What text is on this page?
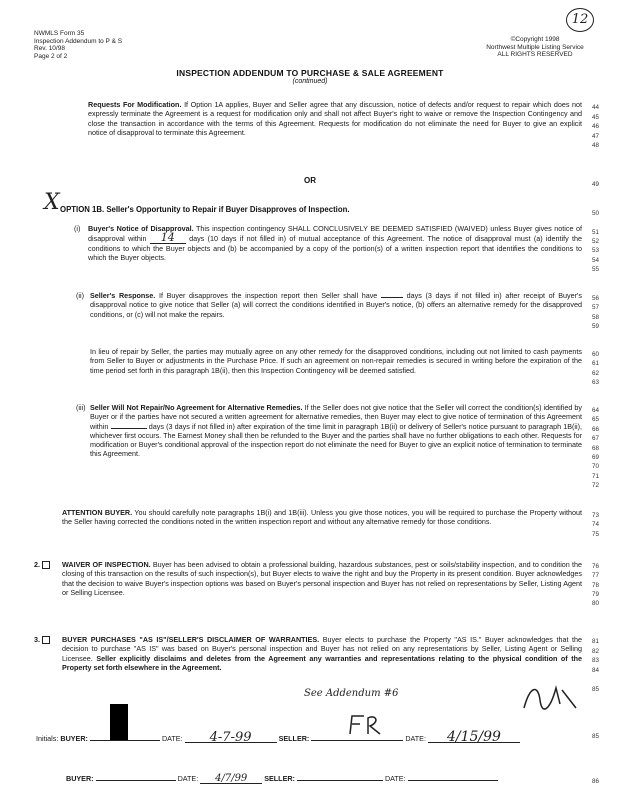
NWMLS Form 35
Inspection Addendum to P & S
Rev. 10/98
Page 2 of 2
©Copyright 1998
Northwest Multiple Listing Service
ALL RIGHTS RESERVED
12
INSPECTION ADDENDUM TO PURCHASE & SALE AGREEMENT
(continued)
Requests For Modification. If Option 1A applies, Buyer and Seller agree that any discussion, notice of defects and/or request to repair which does not expressly terminate the Agreement is a request for modification only and shall not affect Buyer's right to waive or remove the Inspection Contingency and close the transaction in accordance with the terms of this Agreement. Requests for modification do not eliminate the need for Buyer to give an explicit notice of disapproval to terminate this Agreement.
OR
X OPTION 1B. Seller's Opportunity to Repair if Buyer Disapproves of Inspection.
(i)	Buyer's Notice of Disapproval. This inspection contingency SHALL CONCLUSIVELY BE DEEMED SATISFIED (WAIVED) unless Buyer gives notice of disapproval within 14 days (10 days if not filled in) of mutual acceptance of this Agreement. The notice of disapproval must (a) identify the conditions to which the Buyer objects and (b) be accompanied by a copy of the portion(s) of a written inspection report that identifies the conditions to which the Buyer objects.
(ii) Seller's Response. If Buyer disapproves the inspection report then Seller shall have	days (3 days if not filled in) after receipt of Buyer's disapproval notice to give notice that Seller (a) will correct the conditions identified in Buyer's notice, (b) offers an alternative remedy for the disapproved conditions, or (c) will not make the repairs.
In lieu of repair by Seller, the parties may mutually agree on any other remedy for the disapproved conditions, including out not limited to cash payments from Seller to Buyer or adjustments in the Purchase Price. If such an agreement on non-repair remedies is secured in writing before the expiration of the time period set forth in this paragraph 1B(ii), then this Inspection Contingency will be deemed satisfied.
(iii) Seller Will Not Repair/No Agreement for Alternative Remedies. If the Seller does not give notice that the Seller will correct the condition(s) identified by Buyer or if the parties have not secured a written agreement for alternative remedies, then Buyer may elect to give notice of termination of this Agreement within	days (3 days if not filled in) after expiration of the time limit in paragraph 1B(ii) or delivery of Seller's notice pursuant to paragraph 1B(ii), whichever first occurs. The Earnest Money shall then be refunded to the Buyer and the parties shall have no further obligations to each other. Requests for modification or Buyer's conditional approval of the inspection report do not eliminate the need for Buyer to give an explicit notice of termination to terminate this Agreement.
ATTENTION BUYER. You should carefully note paragraphs 1B(i) and 1B(iii). Unless you give those notices, you will be required to purchase the Property without the Seller having corrected the conditions noted in the written inspection report and without any alternative remedy for those conditions.
2.	WAIVER OF INSPECTION. Buyer has been advised to obtain a professional building, hazardous substances, pest or soils/stability inspection, and to condition the closing of this transaction on the results of such inspection(s), but Buyer elects to waive the right and buy the Property in its present condition. Buyer acknowledges that the decision to waive Buyer's inspection options was based on Buyer's personal inspection and Buyer has not relied on representations by Seller, Listing Agent or Selling Licensee.
3.	BUYER PURCHASES "AS IS"/SELLER'S DISCLAIMER OF WARRANTIES. Buyer elects to purchase the Property "AS IS." Buyer acknowledges that the decision to purchase "AS IS" was based on Buyer's personal inspection and Buyer has not relied on any representations by Seller, Listing Agent or Selling Licensee. Seller explicitly disclaims and deletes from the Agreement any warranties and representations relating to the physical condition of the Property set forth elsewhere in the Agreement.
See Addendum #6
44
45
46
47
48
49
50
51
52
53
54
55
56
57
58
59
60
61
62
63
64
65
66
67
68
69
70
71
72
73
74
75
76
77
78
79
80
81
82
83
84
85
85
86
Initials: BUYER:	DATE: 4-7-99	SELLER:	DATE: 4/15/99
BUYER:	DATE: 4/7/99 SELLER:	DATE:
